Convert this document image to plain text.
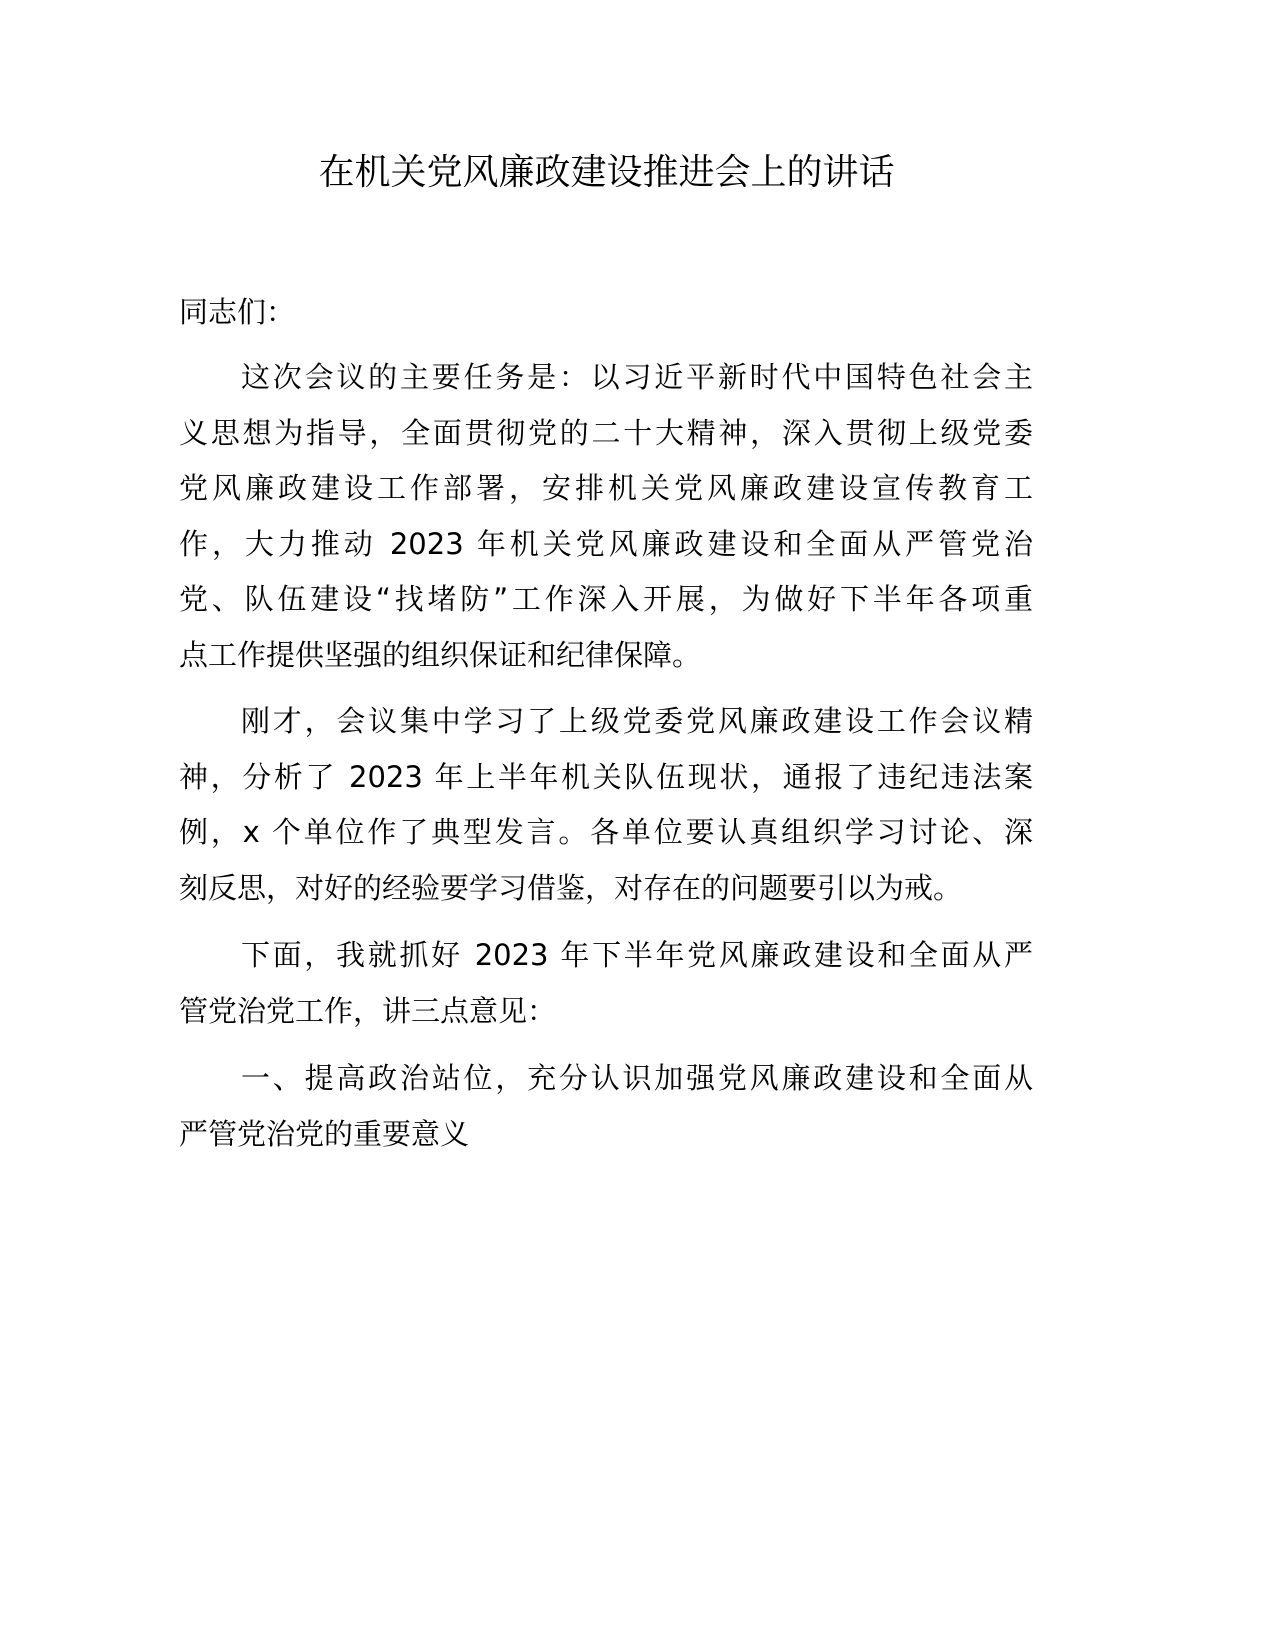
在机关党风廉政建设推进会上的讲话
同志们：
这次会议的主要任务是：以习近平新时代中国特色社会主
义思想为指导，全面贯彻党的二十大精神，深入贯彻上级党委
党风廉政建设工作部署，安排机关党风廉政建设宣传教育工
作，大力推动 2023 年机关党风廉政建设和全面从严管党治
党、队伍建设“找堵防”工作深入开展，为做好下半年各项重
点工作提供坚强的组织保证和纪律保障。
刚才，会议集中学习了上级党委党风廉政建设工作会议精
神，分析了 2023 年上半年机关队伍现状，通报了违纪违法案
例，x 个单位作了典型发言。各单位要认真组织学习讨论、深
刻反思，对好的经验要学习借鉴，对存在的问题要引以为戒。
下面，我就抓好 2023 年下半年党风廉政建设和全面从严
管党治党工作，讲三点意见：
一、提高政治站位，充分认识加强党风廉政建设和全面从
严管党治党的重要意义
